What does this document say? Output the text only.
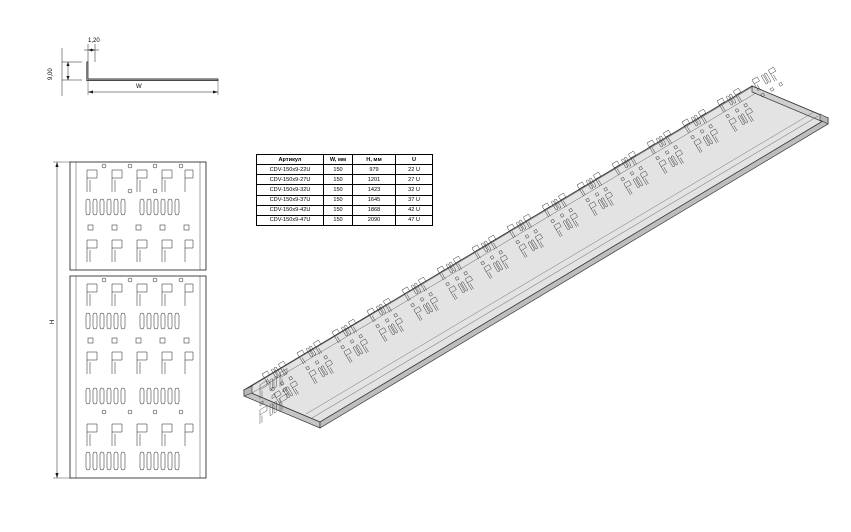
1,20
9,00
W
H
Артикул	W, мм	H, мм	U
CDV-150x9-22U	150	979	22 U
CDV-150x9-27U	150	1201	27 U
CDV-150x9-32U	150	1423	32 U
CDV-150x9-37U	150	1645	37 U
CDV-150x9-42U	150	1868	42 U
CDV-150x9-47U	150	2090	47 U
